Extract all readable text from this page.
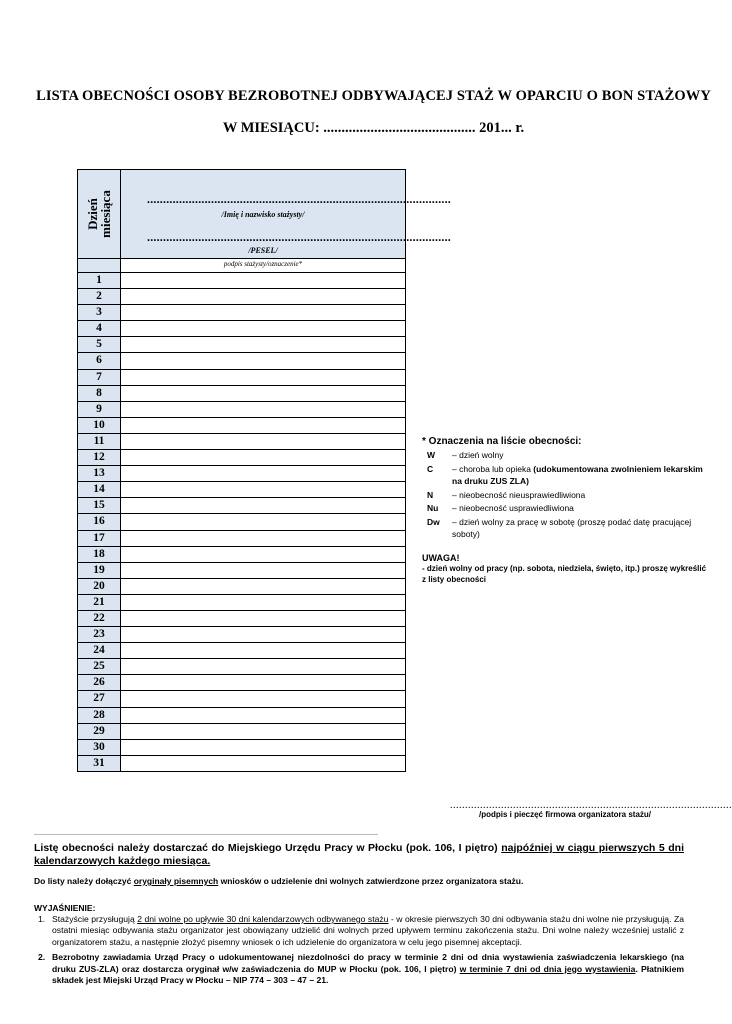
LISTA OBECNOŚCI OSOBY BEZROBOTNEJ ODBYWAJĄCEJ STAŻ W OPARCIU O BON STAŻOWY
W MIESIĄCU: .......................................... 201... r.
Dzień
miesiąca	...............................................................................................
/Imię i nazwisko stażysty/
...............................................................................................
/PESEL/
podpis stażysty/oznaczenie*
1
2
3
4
5
6
7
8
9
10
11
12
13
14
15
16
17
18
19
20
21
22
23
24
25
26
27
28
29
30
31
* Oznaczenia na liście obecności:
W	– dzień wolny
C	– choroba lub opieka (udokumentowana zwolnieniem lekarskim na druku ZUS ZLA)
N	– nieobecność nieusprawiedliwiona
Nu	– nieobecność usprawiedliwiona
Dw	– dzień wolny za pracę w sobotę (proszę podać datę pracującej soboty)
UWAGA!
- dzień wolny od pracy (np. sobota, niedziela, święto, itp.) proszę wykreślić z listy obecności
..............................................................................................
/podpis i pieczęć firmowa organizatora stażu/
Listę obecności należy dostarczać do Miejskiego Urzędu Pracy w Płocku (pok. 106, I piętro) najpóźniej w ciągu pierwszych 5 dni kalendarzowych każdego miesiąca.
Do listy należy dołączyć oryginały pisemnych wniosków o udzielenie dni wolnych zatwierdzone przez organizatora stażu.
WYJAŚNIENIE:
1. Stażyście przysługują 2 dni wolne po upływie 30 dni kalendarzowych odbywanego stażu - w okresie pierwszych 30 dni odbywania stażu dni wolne nie przysługują. Za ostatni miesiąc odbywania stażu organizator jest obowiązany udzielić dni wolnych przed upływem terminu zakończenia stażu. Dni wolne należy wcześniej ustalić z organizatorem stażu, a następnie złożyć pisemny wniosek o ich udzielenie do organizatora w celu jego pisemnej akceptacji.
2. Bezrobotny zawiadamia Urząd Pracy o udokumentowanej niezdolności do pracy w terminie 2 dni od dnia wystawienia zaświadczenia lekarskiego (na druku ZUS-ZLA) oraz dostarcza oryginał w/w zaświadczenia do MUP w Płocku (pok. 106, I piętro) w terminie 7 dni od dnia jego wystawienia. Płatnikiem składek jest Miejski Urząd Pracy w Płocku – NIP 774 – 303 – 47 – 21.
